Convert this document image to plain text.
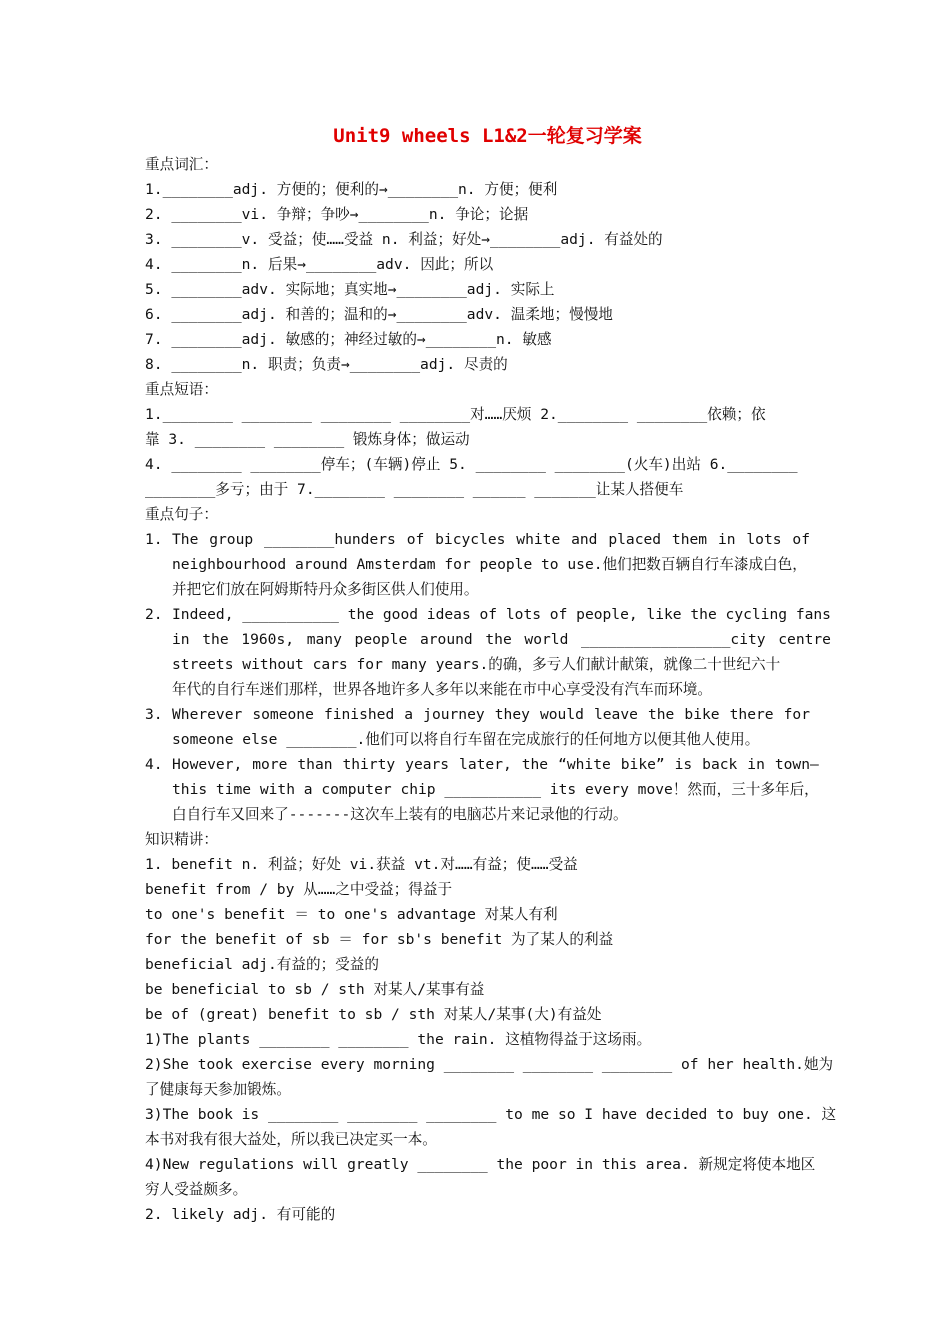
Unit9 wheels L1&2一轮复习学案
重点词汇：
1.________adj. 方便的；便利的→________n. 方便；便利
2. ________vi. 争辩；争吵→________n. 争论；论据
3. ________v. 受益；使……受益 n. 利益；好处→________adj. 有益处的
4. ________n. 后果→________adv. 因此；所以
5. ________adv. 实际地；真实地→________adj. 实际上
6. ________adj. 和善的；温和的→________adv. 温柔地；慢慢地
7. ________adj. 敏感的；神经过敏的→________n. 敏感
8. ________n. 职责；负责→________adj. 尽责的
重点短语：
1.________ ________ ________ ________对……厌烦 2.________ ________依赖；依
靠 3. ________ ________ 锻炼身体；做运动
4. ________ ________停车；(车辆)停止 5. ________ ________(火车)出站 6.________
________多亏；由于 7.________ ________ ______ _______让某人搭便车
重点句子：
1. The group ________hunders of bicycles white and placed them in lots of
neighbourhood around Amsterdam for people to use.他们把数百辆自行车漆成白色，
并把它们放在阿姆斯特丹众多街区供人们使用。
2. Indeed, ___________ the good ideas of lots of people, like the cycling fans
in the 1960s, many people around the world _________________city centre
streets without cars for many years.的确，多亏人们献计献策，就像二十世纪六十
年代的自行车迷们那样，世界各地许多人多年以来能在市中心享受没有汽车而环境。
3. Wherever someone finished a journey they would leave the bike there for
someone else ________.他们可以将自行车留在完成旅行的任何地方以便其他人使用。
4. However, more than thirty years later, the “white bike” is back in town—
this time with a computer chip ___________ its every move！然而，三十多年后，
白自行车又回来了-------这次车上装有的电脑芯片来记录他的行动。
知识精讲：
1. benefit n. 利益；好处 vi.获益 vt.对……有益；使……受益
benefit from / by 从……之中受益；得益于
to one's benefit ＝ to one's advantage 对某人有利
for the benefit of sb ＝ for sb's benefit 为了某人的利益
beneficial adj.有益的；受益的
be beneficial to sb / sth 对某人/某事有益
be of (great) benefit to sb / sth 对某人/某事(大)有益处
1)The plants ________ ________ the rain. 这植物得益于这场雨。
2)She took exercise every morning ________ ________ ________ of her health.她为
了健康每天参加锻炼。
3)The book is ________ ________ ________ to me so I have decided to buy one. 这
本书对我有很大益处，所以我已决定买一本。
4)New regulations will greatly ________ the poor in this area. 新规定将使本地区
穷人受益颇多。
2. likely adj. 有可能的
